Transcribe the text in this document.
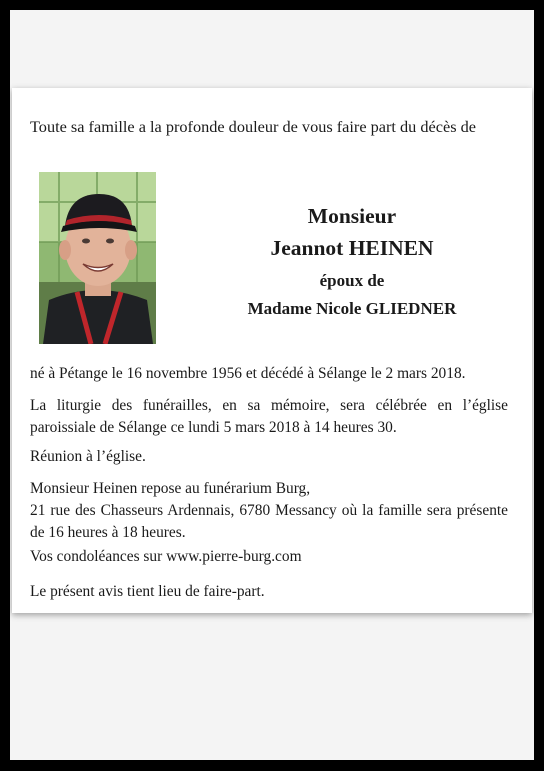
Toute sa famille a la profonde douleur de vous faire part du décès de

Monsieur
Jeannot HEINEN
époux de
Madame Nicole GLIEDNER

né à Pétange le 16 novembre 1956 et décédé à Sélange le 2 mars 2018.

La liturgie des funérailles, en sa mémoire, sera célébrée en l’église paroissiale de Sélange ce lundi 5 mars 2018 à 14 heures 30.

Réunion à l’église.

Monsieur Heinen repose au funérarium Burg,

21 rue des Chasseurs Ardennais, 6780 Messancy où la famille sera présente de 16 heures à 18 heures.

Vos condoléances sur www.pierre-burg.com

Le présent avis tient lieu de faire-part.
